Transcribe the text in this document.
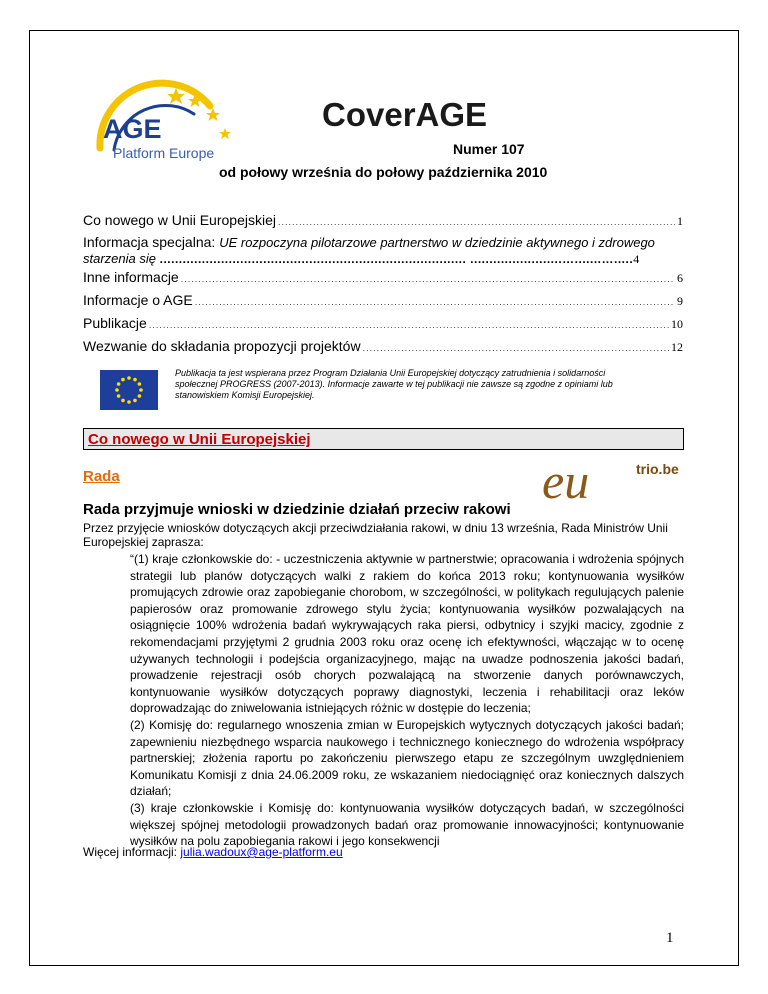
AGE
Platform Europe
CoverAGE
Numer 107
od połowy września do połowy października 2010
Co nowego w Unii Europejskiej .....	1
Informacja specjalna: UE rozpoczyna pilotarzowe partnerstwo w dziedzinie aktywnego i zdrowego
starzenia się ................................................................................ ........................….......….....4
Inne informacje .....	6
Informacje o AGE .....	9
Publikacje .....	10
Wezwanie do składania propozycji projektów .....	12
Publikacja ta jest wspierana przez Program Działania Unii Europejskiej dotyczący zatrudnienia i solidarności społecznej PROGRESS (2007-2013). Informacje zawarte w tej publikacji nie zawsze są zgodne z opiniami lub stanowiskiem Komisji Europejskiej.
Co nowego w Unii Europejskiej
Rada	eu	trio.be
Rada przyjmuje wnioski w dziedzinie działań przeciw rakowi
Przez przyjęcie wniosków dotyczących akcji przeciwdziałania rakowi, w dniu 13 września, Rada Ministrów Unii Europejskiej zaprasza:

“(1) kraje członkowskie do: - uczestniczenia aktywnie w partnerstwie; opracowania i wdrożenia spójnych strategii lub planów dotyczących walki z rakiem do końca 2013 roku; kontynuowania wysiłków promujących zdrowie oraz zapobieganie chorobom, w szczególności, w politykach regulujących palenie papierosów oraz promowanie zdrowego stylu życia; kontynuowania wysiłków pozwalających na osiągnięcie 100% wdrożenia badań wykrywających raka piersi, odbytnicy i szyjki macicy, zgodnie z rekomendacjami przyjętymi 2 grudnia 2003 roku oraz ocenę ich efektywności, włączając w to ocenę używanych technologii i podejścia organizacyjnego, mając na uwadze podnoszenia jakości badań, prowadzenie rejestracji osób chorych pozwalającą na stworzenie danych porównawczych, kontynuowanie wysiłków dotyczących poprawy diagnostyki, leczenia i rehabilitacji oraz leków doprowadzając do zniwelowania istniejących różnic w dostępie do leczenia;

(2) Komisję do: regularnego wnoszenia zmian w Europejskich wytycznych dotyczących jakości badań; zapewnieniu niezbędnego wsparcia naukowego i technicznego koniecznego do wdrożenia współpracy partnerskiej; złożenia raportu po zakończeniu pierwszego etapu ze szczególnym uwzględnieniem Komunikatu Komisji z dnia 24.06.2009 roku, ze wskazaniem niedociągnięć oraz koniecznych dalszych działań;

(3) kraje członkowskie i Komisję do: kontynuowania wysiłków dotyczących badań, w szczególności większej spójnej metodologii prowadzonych badań oraz promowanie innowacyjności; kontynuowanie wysiłków na polu zapobiegania rakowi i jego konsekwencji

Więcej informacji: julia.wadoux@age-platform.eu
1
